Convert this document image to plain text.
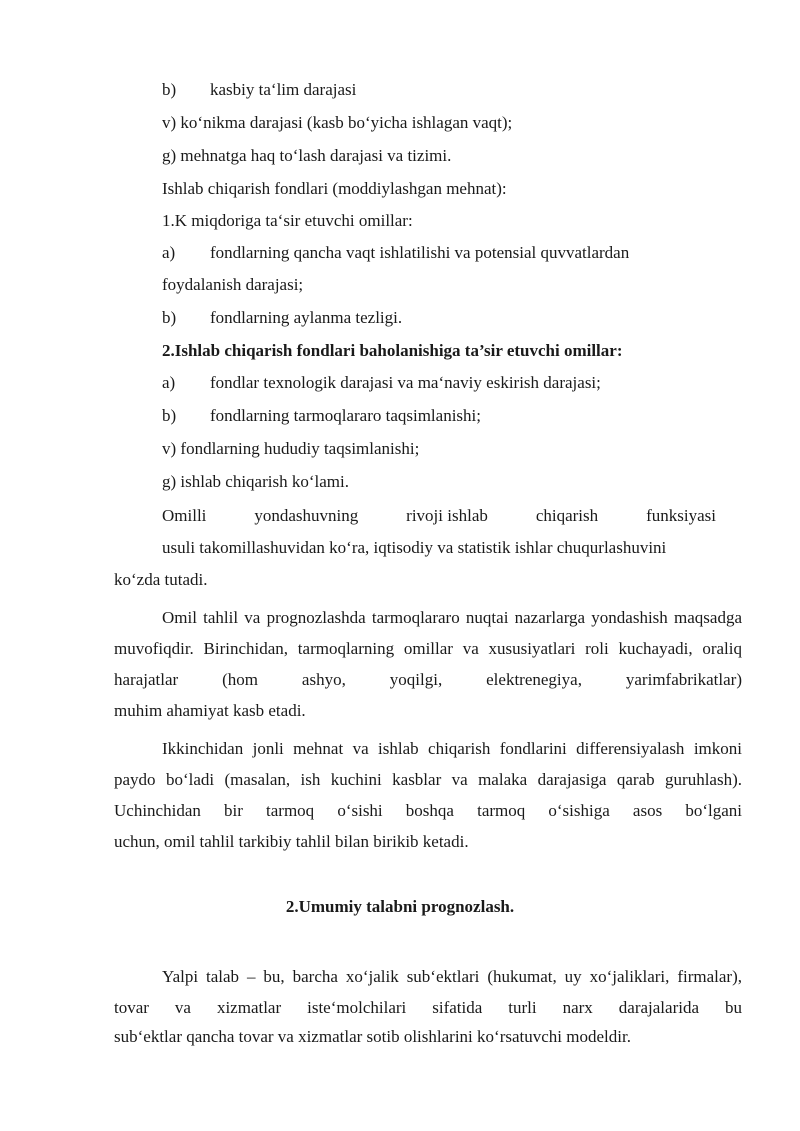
b) kasbiy ta‘lim darajasi
v) ko‘nikma darajasi (kasb bo‘yicha ishlagan vaqt);
g) mehnatga haq to‘lash darajasi va tizimi.
Ishlab chiqarish fondlari (moddiylashgan mehnat):
1.K miqdoriga ta‘sir etuvchi omillar:
a) fondlarning qancha vaqt ishlatilishi va potensial quvvatlardan
foydalanish darajasi;
b) fondlarning aylanma tezligi.
2.Ishlab chiqarish fondlari baholanishiga ta’sir etuvchi omillar:
a) fondlar texnologik darajasi va ma‘naviy eskirish darajasi;
b) fondlarning tarmoqlararo taqsimlanishi;
v) fondlarning hududiy taqsimlanishi;
g) ishlab chiqarish ko‘lami.
Omilli	yondashuvning	rivoji ishlab	chiqarish	funksiyasi
usuli takomillashuvidan ko‘ra, iqtisodiy va statistik ishlar chuqurlashuvini
ko‘zda tutadi.
Omil tahlil va prognozlashda tarmoqlararo nuqtai nazarlarga yondashish maqsadga muvofiqdir. Birinchidan, tarmoqlarning omillar va xususiyatlari roli kuchayadi, oraliq harajatlar (hom ashyo, yoqilgi, elektrenegiya, yarimfabrikatlar)
muhim ahamiyat kasb etadi.
Ikkinchidan jonli mehnat va ishlab chiqarish fondlarini differensiyalash imkoni paydo bo‘ladi (masalan, ish kuchini kasblar va malaka darajasiga qarab guruhlash). Uchinchidan bir tarmoq o‘sishi boshqa tarmoq o‘sishiga asos bo‘lgani
uchun, omil tahlil tarkibiy tahlil bilan birikib ketadi.
2.Umumiy talabni prognozlash.
Yalpi talab – bu, barcha xo‘jalik sub‘ektlari (hukumat, uy xo‘jaliklari, firmalar), tovar va xizmatlar iste‘molchilari sifatida turli narx darajalarida bu
sub‘ektlar qancha tovar va xizmatlar sotib olishlarini ko‘rsatuvchi modeldir.
